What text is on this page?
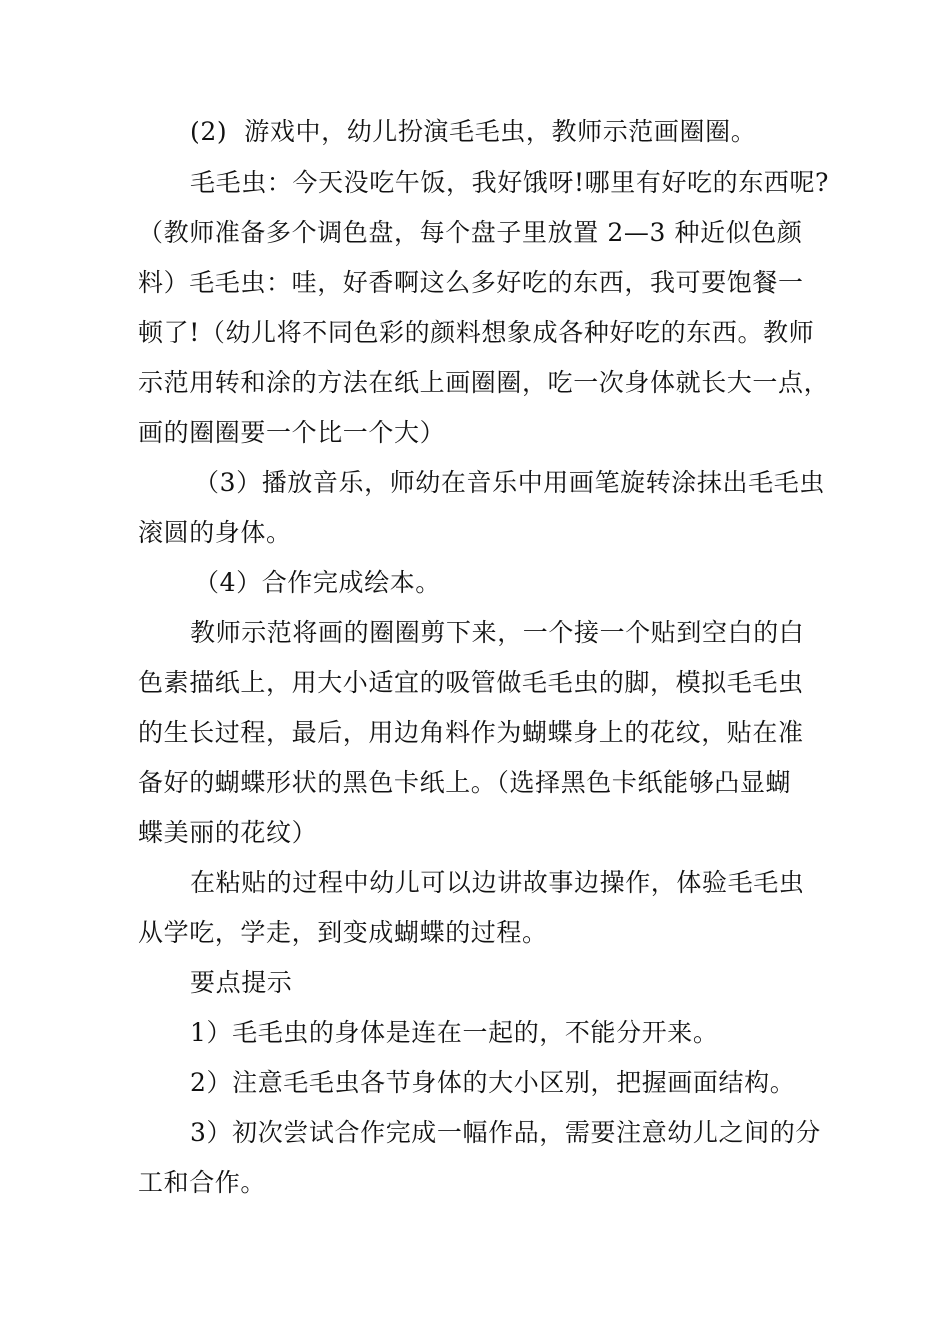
(2)  游戏中，幼儿扮演毛毛虫，教师示范画圈圈。
毛毛虫：今天没吃午饭，我好饿呀!哪里有好吃的东西呢?
（教师准备多个调色盘，每个盘子里放置 2—3 种近似色颜
料）毛毛虫：哇，好香啊这么多好吃的东西，我可要饱餐一
顿了!（幼儿将不同色彩的颜料想象成各种好吃的东西。教师
示范用转和涂的方法在纸上画圈圈，吃一次身体就长大一点，
画的圈圈要一个比一个大）
（3）播放音乐，师幼在音乐中用画笔旋转涂抹出毛毛虫
滚圆的身体。
（4）合作完成绘本。
教师示范将画的圈圈剪下来，一个接一个贴到空白的白
色素描纸上，用大小适宜的吸管做毛毛虫的脚，模拟毛毛虫
的生长过程，最后，用边角料作为蝴蝶身上的花纹，贴在准
备好的蝴蝶形状的黑色卡纸上。（选择黑色卡纸能够凸显蝴
蝶美丽的花纹）
在粘贴的过程中幼儿可以边讲故事边操作，体验毛毛虫
从学吃，学走，到变成蝴蝶的过程。
要点提示
1）毛毛虫的身体是连在一起的，不能分开来。
2）注意毛毛虫各节身体的大小区别，把握画面结构。
3）初次尝试合作完成一幅作品，需要注意幼儿之间的分
工和合作。
